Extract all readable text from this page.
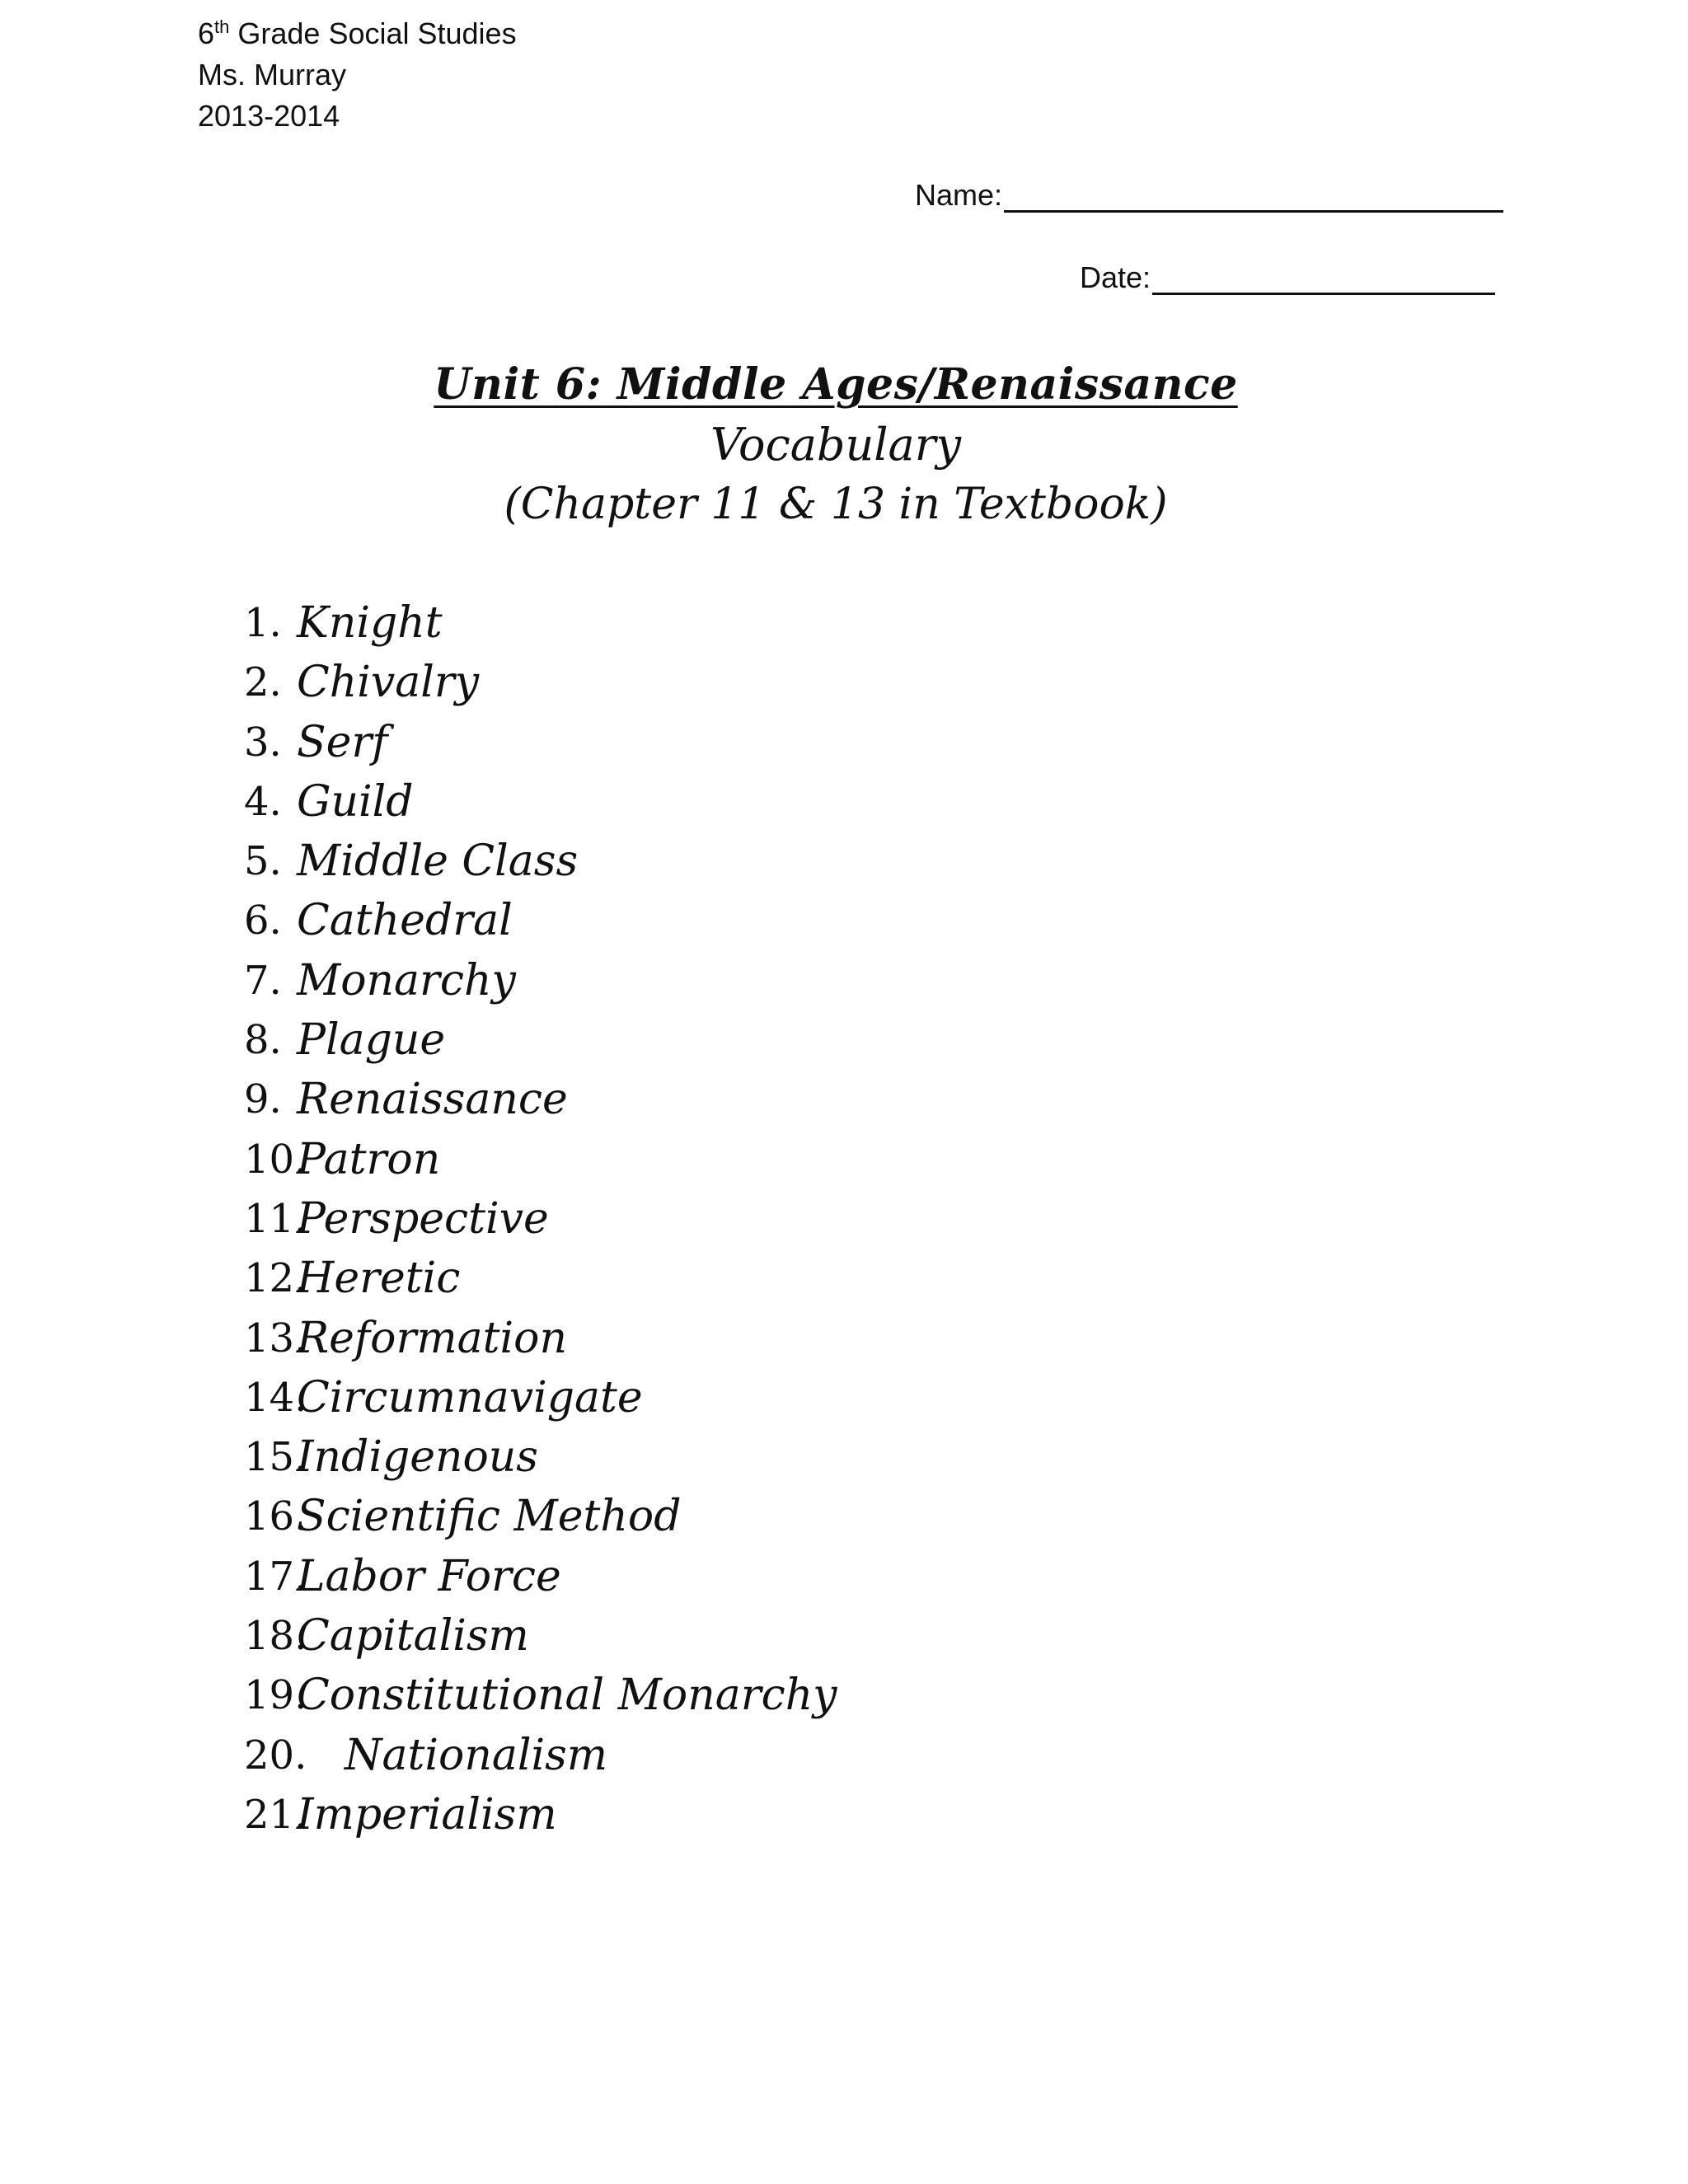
6th Grade Social Studies
Ms. Murray
2013-2014
Name:
Date:
Unit 6: Middle Ages/Renaissance
Vocabulary
(Chapter 11 & 13 in Textbook)
1. Knight
2. Chivalry
3. Serf
4. Guild
5. Middle Class
6. Cathedral
7. Monarchy
8. Plague
9. Renaissance
10.
Patron
11.
Perspective
12.
Heretic
13.
Reformation
14.
Circumnavigate
15.
Indigenous
16.
Scientific Method
17.
Labor Force
18.
Capitalism
19.
Constitutional Monarchy
20. Nationalism
21.
Imperialism
